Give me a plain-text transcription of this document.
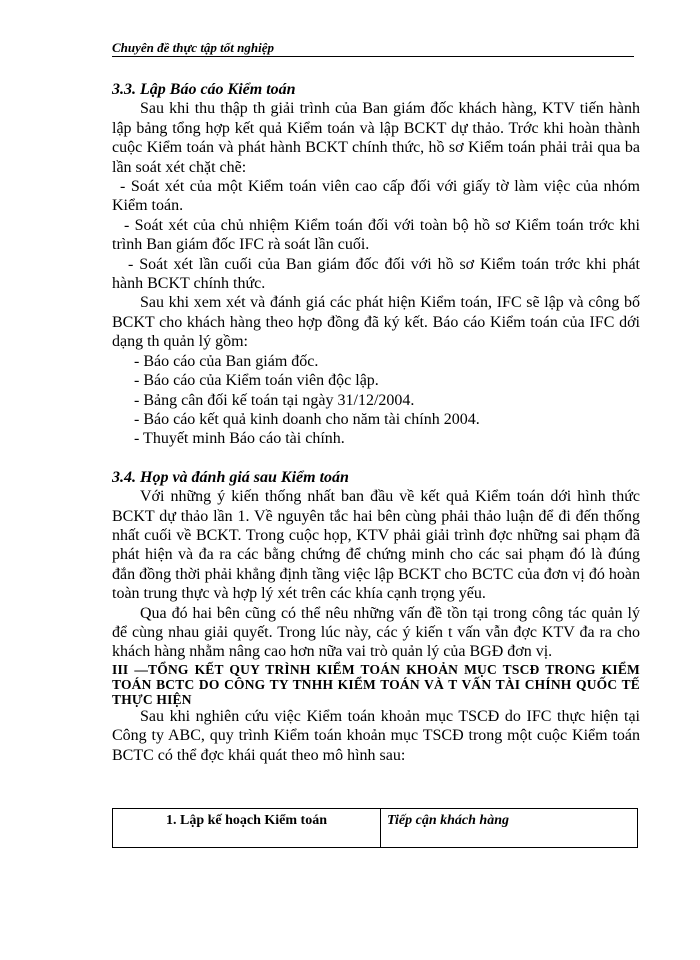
Chuyên đề thực tập tốt nghiệp

3.3. Lập Báo cáo Kiểm toán

Sau khi thu thập th giải trình của Ban giám đốc khách hàng, KTV tiến hành lập bảng tổng hợp kết quả Kiểm toán và lập BCKT dự thảo. Trớc khi hoàn thành cuộc Kiểm toán và phát hành BCKT chính thức, hồ sơ Kiểm toán phải trải qua ba lần soát xét chặt chẽ:

- Soát xét của một Kiểm toán viên cao cấp đối với giấy tờ làm việc của nhóm Kiểm toán.

- Soát xét của chủ nhiệm Kiểm toán đối với toàn bộ hồ sơ Kiểm toán trớc khi trình Ban giám đốc IFC rà soát lần cuối.

- Soát xét lần cuối của Ban giám đốc đối với hồ sơ Kiểm toán trớc khi phát hành BCKT chính thức.

Sau khi xem xét và đánh giá các phát hiện Kiểm toán, IFC sẽ lập và công bố BCKT cho khách hàng theo hợp đồng đã ký kết. Báo cáo Kiểm toán của IFC dới dạng th quản lý gồm:

- Báo cáo của Ban giám đốc.

- Báo cáo của Kiểm toán viên độc lập.

- Bảng cân đối kế toán tại ngày 31/12/2004.

- Báo cáo kết quả kinh doanh cho năm tài chính 2004.

- Thuyết minh Báo cáo tài chính.

3.4. Họp và đánh giá sau Kiểm toán

Với những ý kiến thống nhất ban đầu về kết quả Kiểm toán dới hình thức BCKT dự thảo lần 1. Về nguyên tắc hai bên cùng phải thảo luận để đi đến thống nhất cuối về BCKT. Trong cuộc họp, KTV phải giải trình đợc những sai phạm đã phát hiện và đa ra các bằng chứng để chứng minh cho các sai phạm đó là đúng đắn đồng thời phải khẳng định tầng việc lập BCKT cho BCTC của đơn vị đó hoàn toàn trung thực và hợp lý xét trên các khía cạnh trọng yếu.

Qua đó hai bên cũng có thể nêu những vấn đề tồn tại trong công tác quản lý để cùng nhau giải quyết. Trong lúc này, các ý kiến t vấn vẫn đợc KTV đa ra cho khách hàng nhằm nâng cao hơn nữa vai trò quản lý của BGĐ đơn vị.

III —TỔNG KẾT QUY TRÌNH KIỂM TOÁN KHOẢN MỤC TSCĐ TRONG KIỂM TOÁN BCTC DO CÔNG TY TNHH KIỂM TOÁN VÀ T VẤN TÀI CHÍNH QUỐC TẾ THỰC HIỆN

Sau khi nghiên cứu việc Kiểm toán khoản mục TSCĐ do IFC thực hiện tại Công ty ABC, quy trình Kiểm toán khoản mục TSCĐ trong một cuộc Kiểm toán BCTC có thể đợc khái quát theo mô hình sau:

1. Lập kế hoạch Kiểm toán	Tiếp cận khách hàng
